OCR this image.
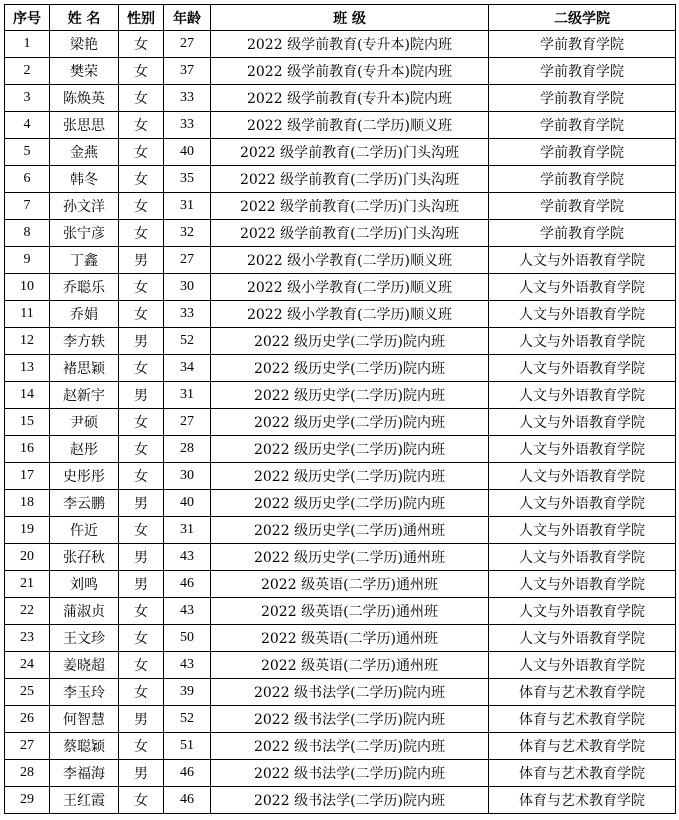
序号	姓 名	性别	年龄	班 级	二级学院
1	梁艳	女	27	2022 级学前教育(专升本)院内班	学前教育学院
2	樊荣	女	37	2022 级学前教育(专升本)院内班	学前教育学院
3	陈焕英	女	33	2022 级学前教育(专升本)院内班	学前教育学院
4	张思思	女	33	2022 级学前教育(二学历)顺义班	学前教育学院
5	金燕	女	40	2022 级学前教育(二学历)门头沟班	学前教育学院
6	韩冬	女	35	2022 级学前教育(二学历)门头沟班	学前教育学院
7	孙文洋	女	31	2022 级学前教育(二学历)门头沟班	学前教育学院
8	张宁彦	女	32	2022 级学前教育(二学历)门头沟班	学前教育学院
9	丁鑫	男	27	2022 级小学教育(二学历)顺义班	人文与外语教育学院
10	乔聪乐	女	30	2022 级小学教育(二学历)顺义班	人文与外语教育学院
11	乔娟	女	33	2022 级小学教育(二学历)顺义班	人文与外语教育学院
12	李方轶	男	52	2022 级历史学(二学历)院内班	人文与外语教育学院
13	褚思颖	女	34	2022 级历史学(二学历)院内班	人文与外语教育学院
14	赵新宇	男	31	2022 级历史学(二学历)院内班	人文与外语教育学院
15	尹硕	女	27	2022 级历史学(二学历)院内班	人文与外语教育学院
16	赵彤	女	28	2022 级历史学(二学历)院内班	人文与外语教育学院
17	史彤彤	女	30	2022 级历史学(二学历)院内班	人文与外语教育学院
18	李云鹏	男	40	2022 级历史学(二学历)院内班	人文与外语教育学院
19	仵近	女	31	2022 级历史学(二学历)通州班	人文与外语教育学院
20	张孖秋	男	43	2022 级历史学(二学历)通州班	人文与外语教育学院
21	刘鸣	男	46	2022 级英语(二学历)通州班	人文与外语教育学院
22	蒲淑贞	女	43	2022 级英语(二学历)通州班	人文与外语教育学院
23	王文珍	女	50	2022 级英语(二学历)通州班	人文与外语教育学院
24	姜晓超	女	43	2022 级英语(二学历)通州班	人文与外语教育学院
25	李玉玲	女	39	2022 级书法学(二学历)院内班	体育与艺术教育学院
26	何智慧	男	52	2022 级书法学(二学历)院内班	体育与艺术教育学院
27	蔡聪颖	女	51	2022 级书法学(二学历)院内班	体育与艺术教育学院
28	李福海	男	46	2022 级书法学(二学历)院内班	体育与艺术教育学院
29	王红霞	女	46	2022 级书法学(二学历)院内班	体育与艺术教育学院
